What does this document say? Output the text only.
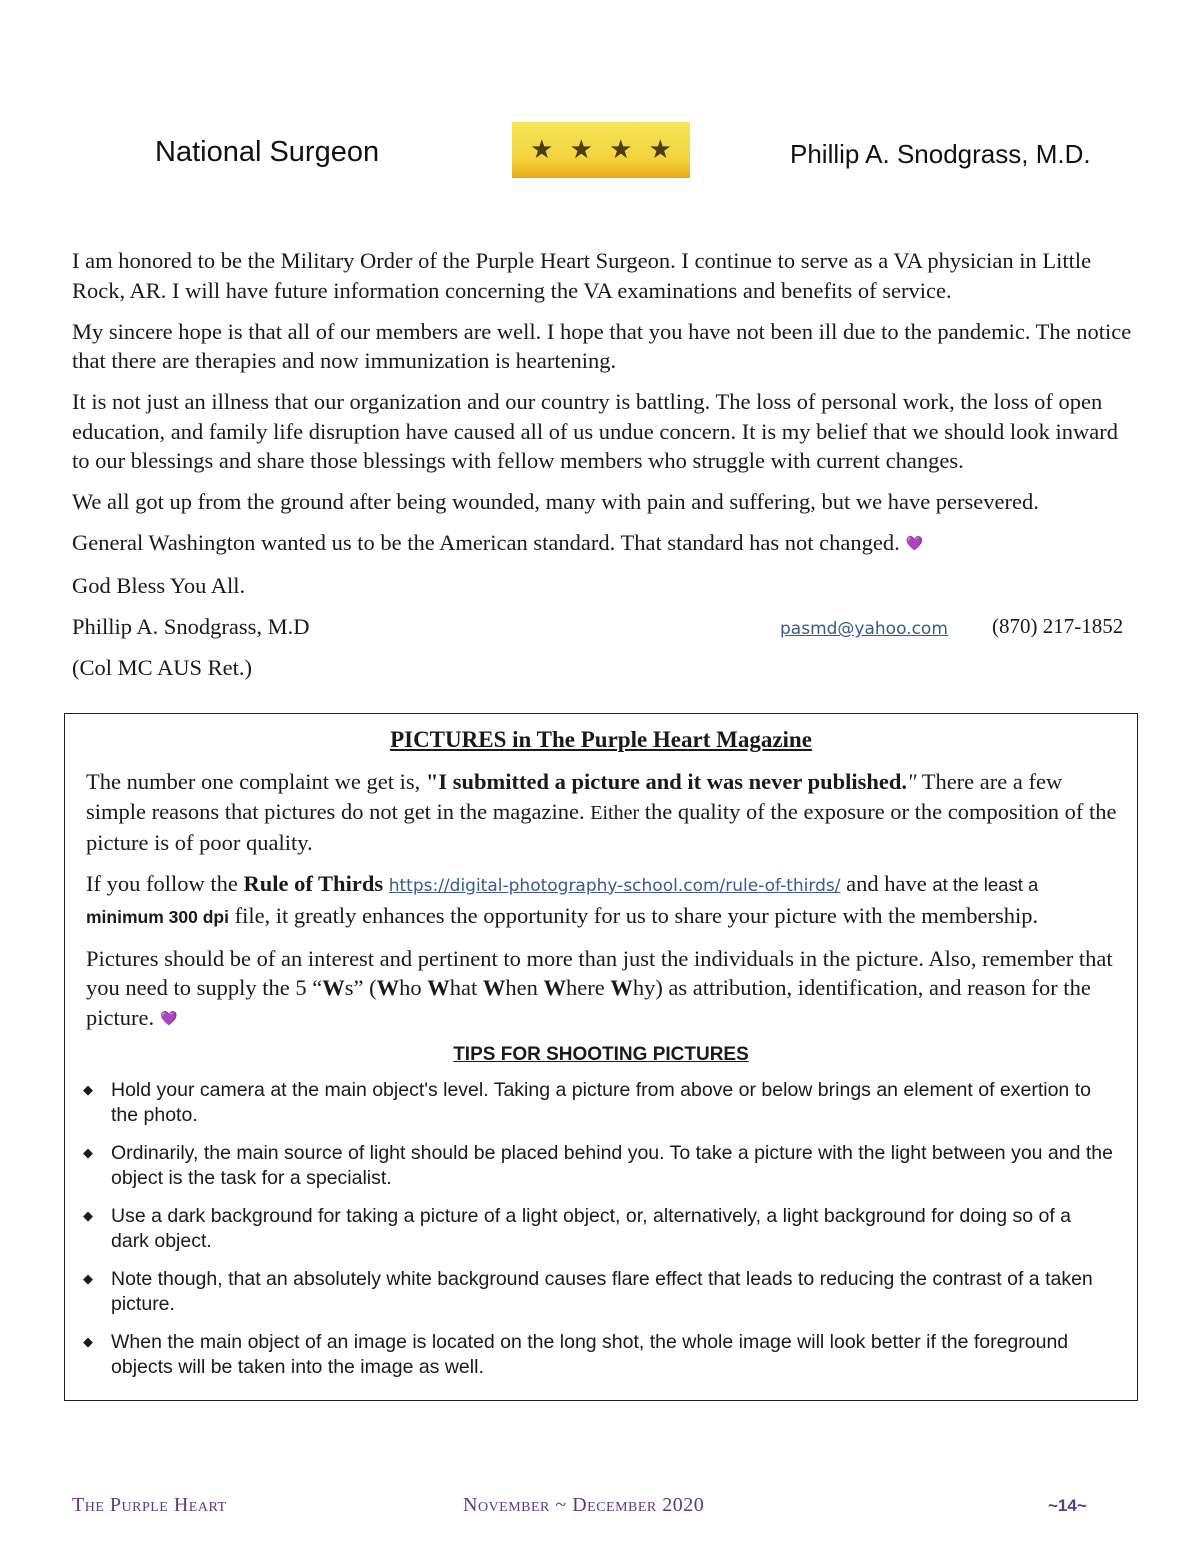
National Surgeon	★ ★ ★ ★	Phillip A. Snodgrass, M.D.

I am honored to be the Military Order of the Purple Heart Surgeon. I continue to serve as a VA physician in Little Rock, AR. I will have future information concerning the VA examinations and benefits of service.

My sincere hope is that all of our members are well. I hope that you have not been ill due to the pandemic. The notice that there are therapies and now immunization is heartening.

It is not just an illness that our organization and our country is battling. The loss of personal work, the loss of open education, and family life disruption have caused all of us undue concern. It is my belief that we should look inward to our blessings and share those blessings with fellow members who struggle with current changes.

We all got up from the ground after being wounded, many with pain and suffering, but we have persevered.

General Washington wanted us to be the American standard. That standard has not changed. 💜

God Bless You All.

Phillip A. Snodgrass, M.D	pasmd@yahoo.com (870) 217-1852

(Col MC AUS Ret.)

PICTURES in The Purple Heart Magazine

The number one complaint we get is, "I submitted a picture and it was never published." There are a few simple reasons that pictures do not get in the magazine. Either the quality of the exposure or the composition of the picture is of poor quality.

If you follow the Rule of Thirds https://digital-photography-school.com/rule-of-thirds/ and have at the least a
minimum 300 dpi file, it greatly enhances the opportunity for us to share your picture with the membership.

Pictures should be of an interest and pertinent to more than just the individuals in the picture. Also, remember that you need to supply the 5 “Ws” (Who What When Where Why) as attribution, identification, and reason for the picture. 💜

TIPS FOR SHOOTING PICTURES
◆ Hold your camera at the main object's level. Taking a picture from above or below brings an element of exertion to the photo.
◆ Ordinarily, the main source of light should be placed behind you. To take a picture with the light between you and the object is the task for a specialist.
◆ Use a dark background for taking a picture of a light object, or, alternatively, a light background for doing so of a dark object.
◆ Note though, that an absolutely white background causes flare effect that leads to reducing the contrast of a taken picture.
◆ When the main object of an image is located on the long shot, the whole image will look better if the foreground objects will be taken into the image as well.
The Purple Heart	November ~ December 2020	~14~
